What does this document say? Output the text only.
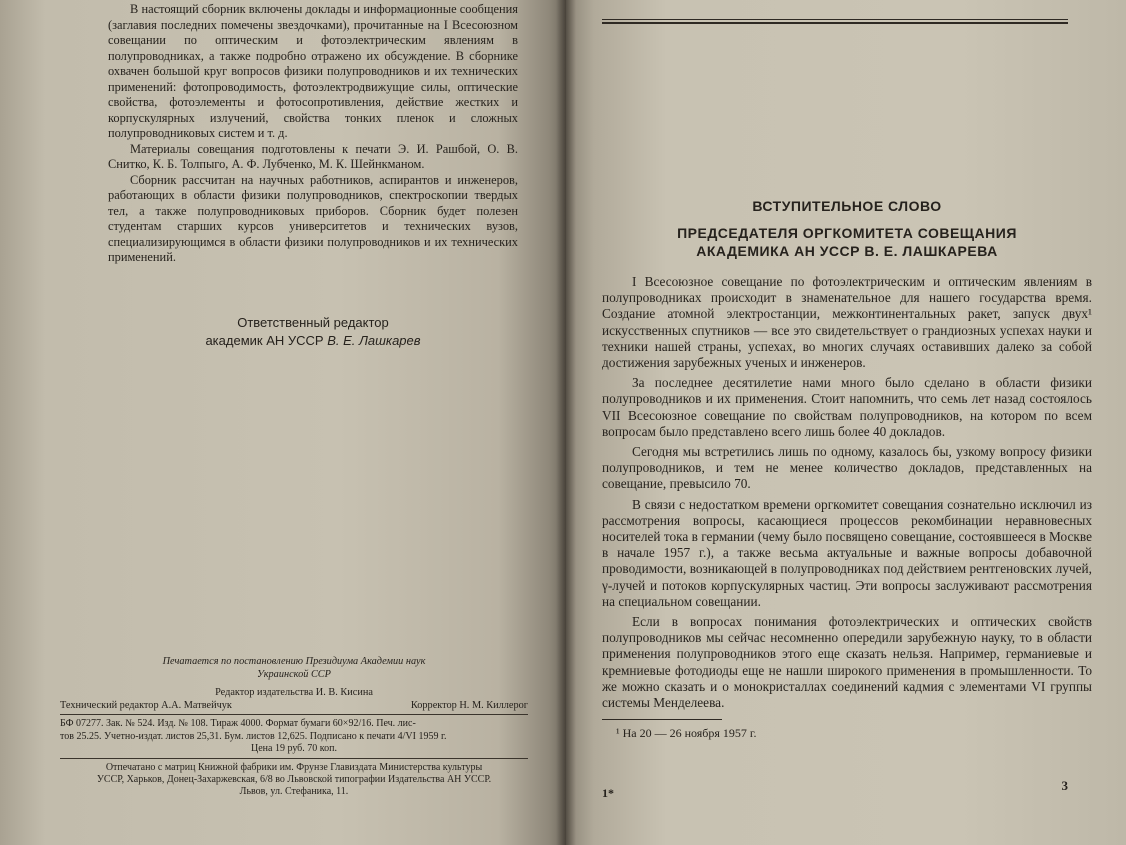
В настоящий сборник включены доклады и информационные сообщения (заглавия последних помечены звездочками), прочитанные на I Всесоюзном совещании по оптическим и фотоэлектрическим явлениям в полупроводниках, а также подробно отражено их обсуждение. В сборнике охвачен большой круг вопросов физики полупроводников и их технических применений: фотопроводимость, фотоэлектродвижущие силы, оптические свойства, фотоэлементы и фотосопротивления, действие жестких и корпускулярных излучений, свойства тонких пленок и сложных полупроводниковых систем и т. д.

Материалы совещания подготовлены к печати Э. И. Рашбой, О. В. Снитко, К. Б. Толпыго, А. Ф. Лубченко, М. К. Шейнкманом.

Сборник рассчитан на научных работников, аспирантов и инженеров, работающих в области физики полупроводников, спектроскопии твердых тел, а также полупроводниковых приборов. Сборник будет полезен студентам старших курсов университетов и технических вузов, специализирующимся в области физики полупроводников и их технических применений.

Ответственный редактор
академик АН УССР В. Е. Лашкарев
Печатается по постановлению Президиума Академии наук
Украинской ССР
Редактор издательства И. В. Кисина
Технический редактор А.А. Матвейчук	Корректор Н. М. Киллерог
БФ 07277. Зак. № 524. Изд. № 108. Тираж 4000. Формат бумаги 60×92/16. Печ. лис-
тов 25.25. Учетно-издат. листов 25,31. Бум. листов 12,625. Подписано к печати 4/VI 1959 г.
Цена 19 руб. 70 коп.
Отпечатано с матриц Книжной фабрики им. Фрунзе Главиздата Министерства культуры
УССР, Харьков, Донец-Захаржевская, 6/8 во Львовской типографии Издательства АН УССР.
Львов, ул. Стефаника, 11.
ВСТУПИТЕЛЬНОЕ СЛОВО
ПРЕДСЕДАТЕЛЯ ОРГКОМИТЕТА СОВЕЩАНИЯ
АКАДЕМИКА АН УССР В. Е. ЛАШКАРЕВА

I Всесоюзное совещание по фотоэлектрическим и оптическим явлениям в полупроводниках происходит в знаменательное для нашего государства время. Создание атомной электростанции, межконтинентальных ракет, запуск двух¹ искусственных спутников — все это свидетельствует о грандиозных успехах науки и техники нашей страны, успехах, во многих случаях оставивших далеко за собой достижения зарубежных ученых и инженеров.

За последнее десятилетие нами много было сделано в области физики полупроводников и их применения. Стоит напомнить, что семь лет назад состоялось VII Всесоюзное совещание по свойствам полупроводников, на котором по всем вопросам было представлено всего лишь более 40 докладов.

Сегодня мы встретились лишь по одному, казалось бы, узкому вопросу физики полупроводников, и тем не менее количество докладов, представленных на совещание, превысило 70.

В связи с недостатком времени оргкомитет совещания сознательно исключил из рассмотрения вопросы, касающиеся процессов рекомбинации неравновесных носителей тока в германии (чему было посвящено совещание, состоявшееся в Москве в начале 1957 г.), а также весьма актуальные и важные вопросы добавочной проводимости, возникающей в полупроводниках под действием рентгеновских лучей, γ-лучей и потоков корпускулярных частиц. Эти вопросы заслуживают рассмотрения на специальном совещании.

Если в вопросах понимания фотоэлектрических и оптических свойств полупроводников мы сейчас несомненно опередили зарубежную науку, то в области применения полупроводников этого еще сказать нельзя. Например, германиевые и кремниевые фотодиоды еще не нашли широкого применения в промышленности. То же можно сказать и о монокристаллах соединений кадмия с элементами VI группы системы Менделеева.

¹ На 20 — 26 ноября 1957 г.
1*	3
